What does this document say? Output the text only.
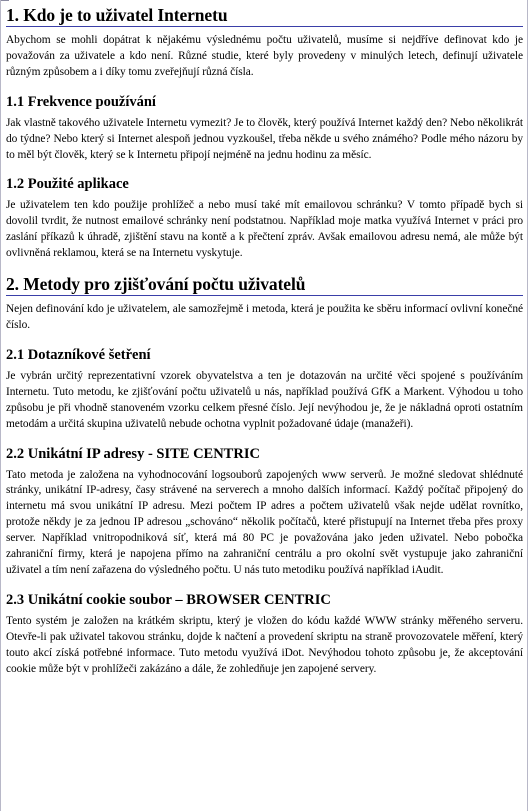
1. Kdo je to uživatel Internetu

Abychom se mohli dopátrat k nějakému výslednému počtu uživatelů, musíme si nejdříve definovat kdo je považován za uživatele a kdo není. Různé studie, které byly provedeny v minulých letech, definují uživatele různým způsobem a i díky tomu zveřejňují různá čísla.

1.1 Frekvence používání

Jak vlastně takového uživatele Internetu vymezit? Je to člověk, který používá Internet každý den? Nebo několikrát do týdne? Nebo který si Internet alespoň jednou vyzkoušel, třeba někde u svého známého? Podle mého názoru by to měl být člověk, který se k Internetu připojí nejméně na jednu hodinu za měsíc.

1.2 Použité aplikace

Je uživatelem ten kdo použije prohlížeč a nebo musí také mít emailovou schránku? V tomto případě bych si dovolil tvrdit, že nutnost emailové schránky není podstatnou. Například moje matka využívá Internet v práci pro zaslání příkazů k úhradě, zjištění stavu na kontě a k přečtení zpráv. Avšak emailovou adresu nemá, ale může být ovlivněná reklamou, která se na Internetu vyskytuje.

2. Metody pro zjišťování počtu uživatelů

Nejen definování kdo je uživatelem, ale samozřejmě i metoda, která je použita ke sběru informací ovlivní konečné číslo.

2.1 Dotazníkové šetření

Je vybrán určitý reprezentativní vzorek obyvatelstva a ten je dotazován na určité věci spojené s používáním Internetu. Tuto metodu, ke zjišťování počtu uživatelů u nás, například používá GfK a Markent. Výhodou u toho způsobu je při vhodně stanoveném vzorku celkem přesné číslo. Její nevýhodou je, že je nákladná oproti ostatním metodám a určitá skupina uživatelů nebude ochotna vyplnit požadované údaje (manažeři).

2.2 Unikátní IP adresy - SITE CENTRIC

Tato metoda je založena na vyhodnocování logsouborů zapojených www serverů. Je možné sledovat shlédnuté stránky, unikátní IP-adresy, časy strávené na serverech a mnoho dalších informací. Každý počítač připojený do internetu má svou unikátní IP adresu. Mezi počtem IP adres a počtem uživatelů však nejde udělat rovnítko, protože někdy je za jednou IP adresou „schováno“ několik počítačů, které přistupují na Internet třeba přes proxy server. Například vnitropodniková síť, která má 80 PC je považována jako jeden uživatel. Nebo pobočka zahraniční firmy, která je napojena přímo na zahraniční centrálu a pro okolní svět vystupuje jako zahraniční uživatel a tím není zařazena do výsledného počtu. U nás tuto metodiku používá například iAudit.

2.3 Unikátní cookie soubor – BROWSER CENTRIC

Tento systém je založen na krátkém skriptu, který je vložen do kódu každé WWW stránky měřeného serveru. Otevře-li pak uživatel takovou stránku, dojde k načtení a provedení skriptu na straně provozovatele měření, který touto akcí získá potřebné informace. Tuto metodu využívá iDot. Nevýhodou tohoto způsobu je, že akceptování cookie může být v prohlížeči zakázáno a dále, že zohledňuje jen zapojené servery.
